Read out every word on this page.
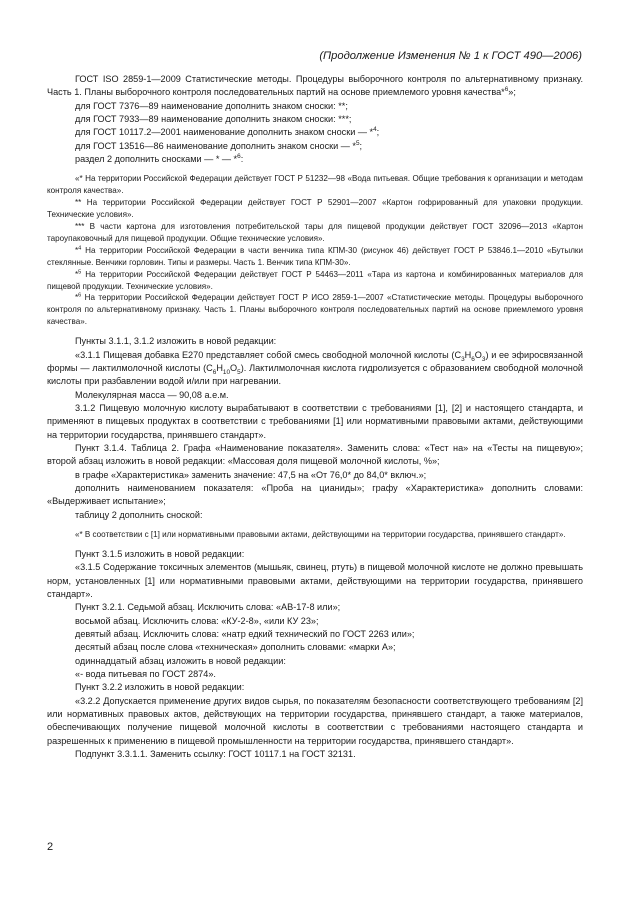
(Продолжение Изменения № 1 к ГОСТ 490—2006)

ГОСТ ISO 2859-1—2009 Статистические методы. Процедуры выборочного контроля по альтернативному признаку. Часть 1. Планы выборочного контроля последовательных партий на основе приемлемого уровня качества*$^6$»;

для ГОСТ 7376—89 наименование дополнить знаком сноски: **;

для ГОСТ 7933—89 наименование дополнить знаком сноски: ***;

для ГОСТ 10117.2—2001 наименование дополнить знаком сноски — *$^4$;

для ГОСТ 13516—86 наименование дополнить знаком сноски — *$^5$;

раздел 2 дополнить сносками — * — *$^6$:

«* На территории Российской Федерации действует ГОСТ Р 51232—98 «Вода питьевая. Общие требования к организации и методам контроля качества».

** На территории Российской Федерации действует ГОСТ Р 52901—2007 «Картон гофрированный для упаковки продукции. Технические условия».

*** В части картона для изготовления потребительской тары для пищевой продукции действует ГОСТ 32096—2013 «Картон тароупаковочный для пищевой продукции. Общие технические условия».

*$^4$ На территории Российской Федерации в части венчика типа КПМ-30 (рисунок 46) действует ГОСТ Р 53846.1—2010 «Бутылки стеклянные. Венчики горловин. Типы и размеры. Часть 1. Венчик типа КПМ-30».

*$^5$ На территории Российской Федерации действует ГОСТ Р 54463—2011 «Тара из картона и комбинированных материалов для пищевой продукции. Технические условия».

*$^6$ На территории Российской Федерации действует ГОСТ Р ИСО 2859-1—2007 «Статистические методы. Процедуры выборочного контроля по альтернативному признаку. Часть 1. Планы выборочного контроля последовательных партий на основе приемлемого уровня качества».

Пункты 3.1.1, 3.1.2 изложить в новой редакции:

«3.1.1 Пищевая добавка Е270 представляет собой смесь свободной молочной кислоты $(C_3H_6O_3)$ и ее эфиросвязанной формы — лактилмолочной кислоты $(C_6H_{10}O_5)$. Лактилмолочная кислота гидролизуется с образованием свободной молочной кислоты при разбавлении водой и/или при нагревании.

Молекулярная масса — 90,08 а.е.м.

3.1.2 Пищевую молочную кислоту вырабатывают в соответствии с требованиями [1], [2] и настоящего стандарта, и применяют в пищевых продуктах в соответствии с требованиями [1] или нормативными правовыми актами, действующими на территории государства, принявшего стандарт».

Пункт 3.1.4. Таблица 2. Графа «Наименование показателя». Заменить слова: «Тест на» на «Тесты на пищевую»; второй абзац изложить в новой редакции: «Массовая доля пищевой молочной кислоты, %»;

в графе «Характеристика» заменить значение: 47,5 на «От 76,0* до 84,0* включ.»;

дополнить наименованием показателя: «Проба на цианиды»; графу «Характеристика» дополнить словами: «Выдерживает испытание»;

таблицу 2 дополнить сноской:

«* В соответствии с [1] или нормативными правовыми актами, действующими на территории государства, принявшего стандарт».

Пункт 3.1.5 изложить в новой редакции:

«3.1.5 Содержание токсичных элементов (мышьяк, свинец, ртуть) в пищевой молочной кислоте не должно превышать норм, установленных [1] или нормативными правовыми актами, действующими на территории государства, принявшего стандарт».

Пункт 3.2.1. Седьмой абзац. Исключить слова: «АВ-17-8 или»;

восьмой абзац. Исключить слова: «КУ-2-8», «или КУ 23»;

девятый абзац. Исключить слова: «натр едкий технический по ГОСТ 2263 или»;

десятый абзац после слова «техническая» дополнить словами: «марки А»;

одиннадцатый абзац изложить в новой редакции:

«- вода питьевая по ГОСТ 2874».

Пункт 3.2.2 изложить в новой редакции:

«3.2.2 Допускается применение других видов сырья, по показателям безопасности соответствующего требованиям [2] или нормативных правовых актов, действующих на территории государства, принявшего стандарт, а также материалов, обеспечивающих получение пищевой молочной кислоты в соответствии с требованиями настоящего стандарта и разрешенных к применению в пищевой промышленности на территории государства, принявшего стандарт».

Подпункт 3.3.1.1. Заменить ссылку: ГОСТ 10117.1 на ГОСТ 32131.

2
